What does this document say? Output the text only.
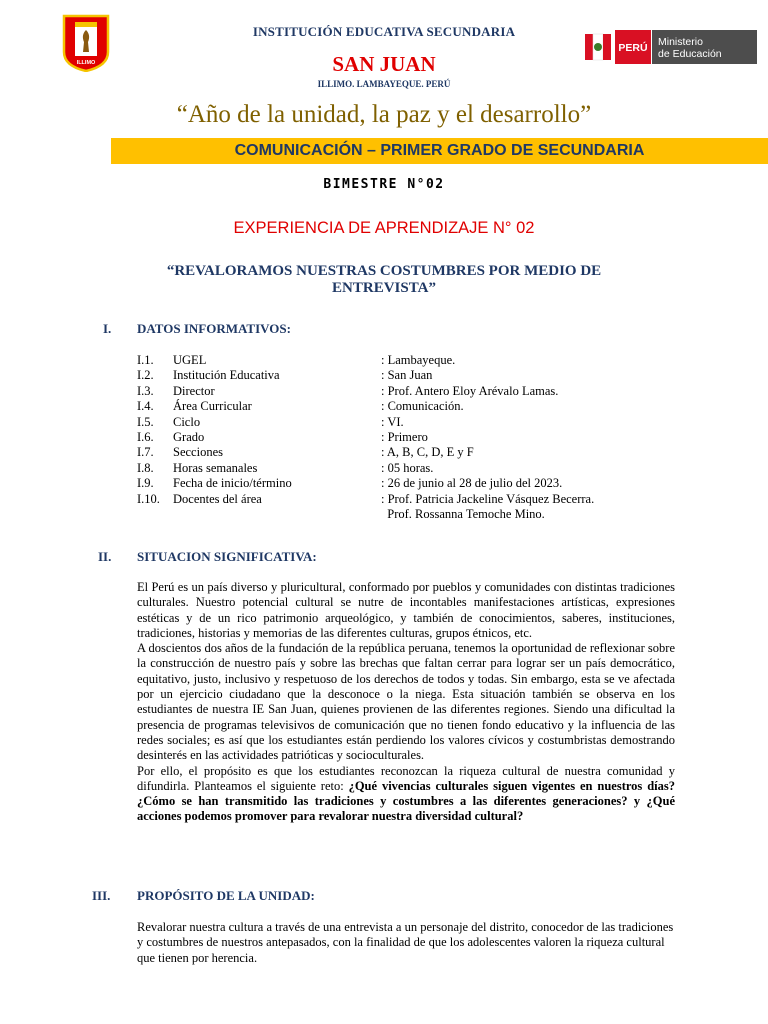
ILLIMO
INSTITUCIÓN EDUCATIVA SECUNDARIA
SAN JUAN
ILLIMO. LAMBAYEQUE. PERÚ
PERÚ Ministerio
de Educación
“Año de la unidad, la paz y el desarrollo”
COMUNICACIÓN – PRIMER GRADO DE SECUNDARIA
BIMESTRE N°02
EXPERIENCIA DE APRENDIZAJE N° 02
“REVALORAMOS NUESTRAS COSTUMBRES POR MEDIO DE ENTREVISTA”
I. DATOS INFORMATIVOS:
I.1. UGEL	: Lambayeque.
I.2. Institución Educativa	: San Juan
I.3. Director	: Prof. Antero Eloy Arévalo Lamas.
I.4. Área Curricular	: Comunicación.
I.5. Ciclo	: VI.
I.6. Grado	: Primero
I.7. Secciones	: A, B, C, D, E y F
I.8. Horas semanales	: 05 horas.
I.9. Fecha de inicio/término	: 26 de junio al 28 de julio del 2023.
I.10. Docentes del área	: Prof. Patricia Jackeline Vásquez Becerra.
Prof. Rossanna Temoche Mino.
II. SITUACION SIGNIFICATIVA:
El Perú es un país diverso y pluricultural, conformado por pueblos y comunidades con distintas tradiciones culturales. Nuestro potencial cultural se nutre de incontables manifestaciones artísticas, expresiones estéticas y de un rico patrimonio arqueológico, y también de conocimientos, saberes, instituciones, tradiciones, historias y memorias de las diferentes culturas, grupos étnicos, etc.
A doscientos dos años de la fundación de la república peruana, tenemos la oportunidad de reflexionar sobre la construcción de nuestro país y sobre las brechas que faltan cerrar para lograr ser un país democrático, equitativo, justo, inclusivo y respetuoso de los derechos de todos y todas. Sin embargo, esta se ve afectada por un ejercicio ciudadano que la desconoce o la niega. Esta situación también se observa en los estudiantes de nuestra IE San Juan, quienes provienen de las diferentes regiones. Siendo una dificultad la presencia de programas televisivos de comunicación que no tienen fondo educativo y la influencia de las redes sociales; es así que los estudiantes están perdiendo los valores cívicos y costumbristas demostrando desinterés en las actividades patrióticas y socioculturales.
Por ello, el propósito es que los estudiantes reconozcan la riqueza cultural de nuestra comunidad y difundirla. Planteamos el siguiente reto: ¿Qué vivencias culturales siguen vigentes en nuestros días? ¿Cómo se han transmitido las tradiciones y costumbres a las diferentes generaciones? y ¿Qué acciones podemos promover para revalorar nuestra diversidad cultural?
III. PROPÓSITO DE LA UNIDAD:
Revalorar nuestra cultura a través de una entrevista a un personaje del distrito, conocedor de las tradiciones y costumbres de nuestros antepasados, con la finalidad de que los adolescentes valoren la riqueza cultural que tienen por herencia.
